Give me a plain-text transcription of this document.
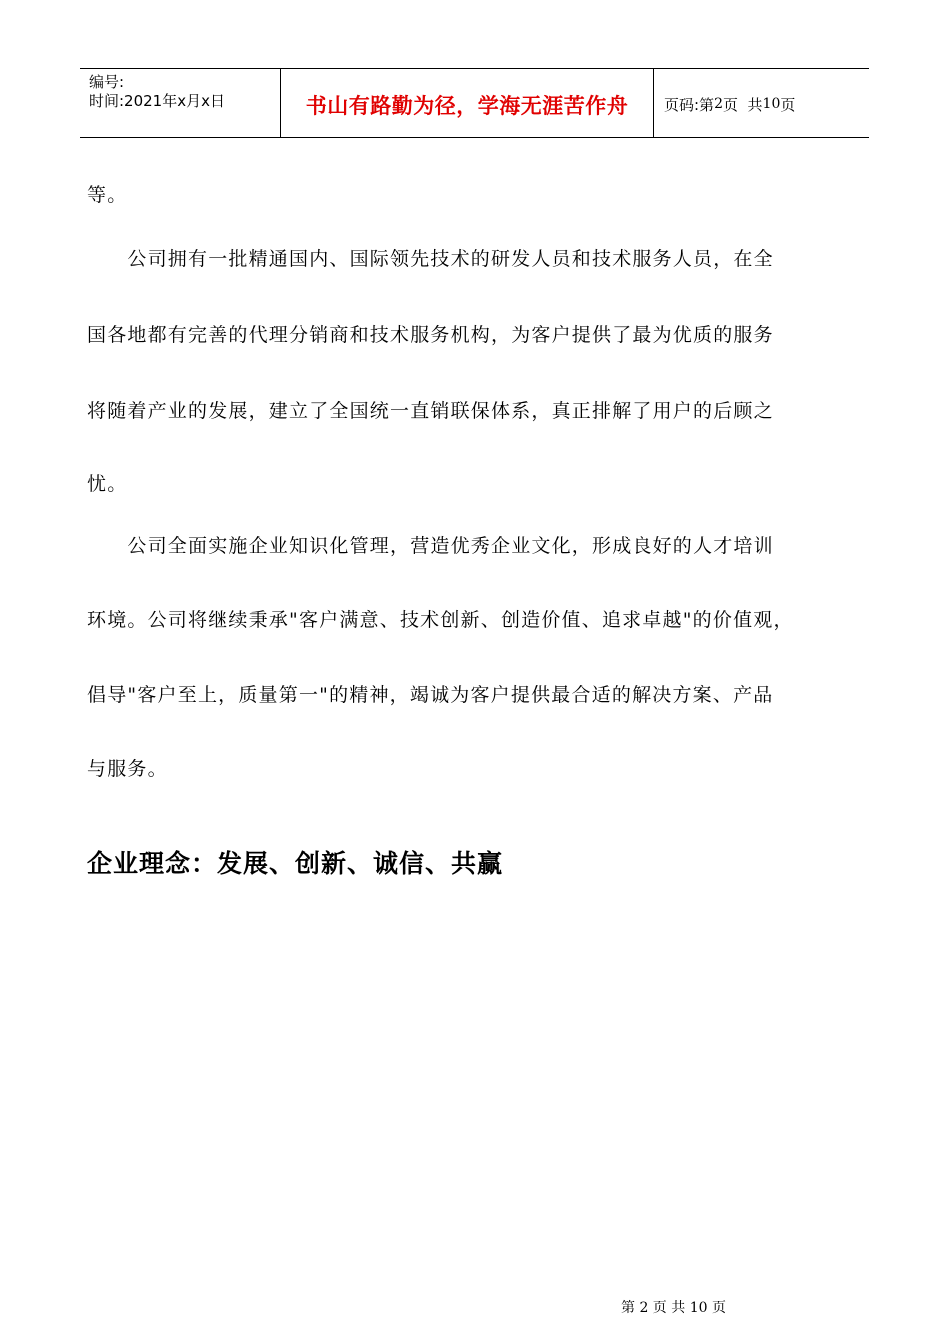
编号:
时间:2021年x月x日	书山有路勤为径，学海无涯苦作舟 页码:第 2 页  共 10 页
等。
　　公司拥有一批精通国内、国际领先技术的研发人员和技术服务人员，在全
国各地都有完善的代理分销商和技术服务机构，为客户提供了最为优质的服务
将随着产业的发展，建立了全国统一直销联保体系，真正排解了用户的后顾之
忧。
　　公司全面实施企业知识化管理，营造优秀企业文化，形成良好的人才培训
环境。公司将继续秉承"客户满意、技术创新、创造价值、追求卓越"的价值观，
倡导"客户至上，质量第一"的精神，竭诚为客户提供最合适的解决方案、产品
与服务。
企业理念：发展、创新、诚信、共赢
第 2 页 共 10 页
